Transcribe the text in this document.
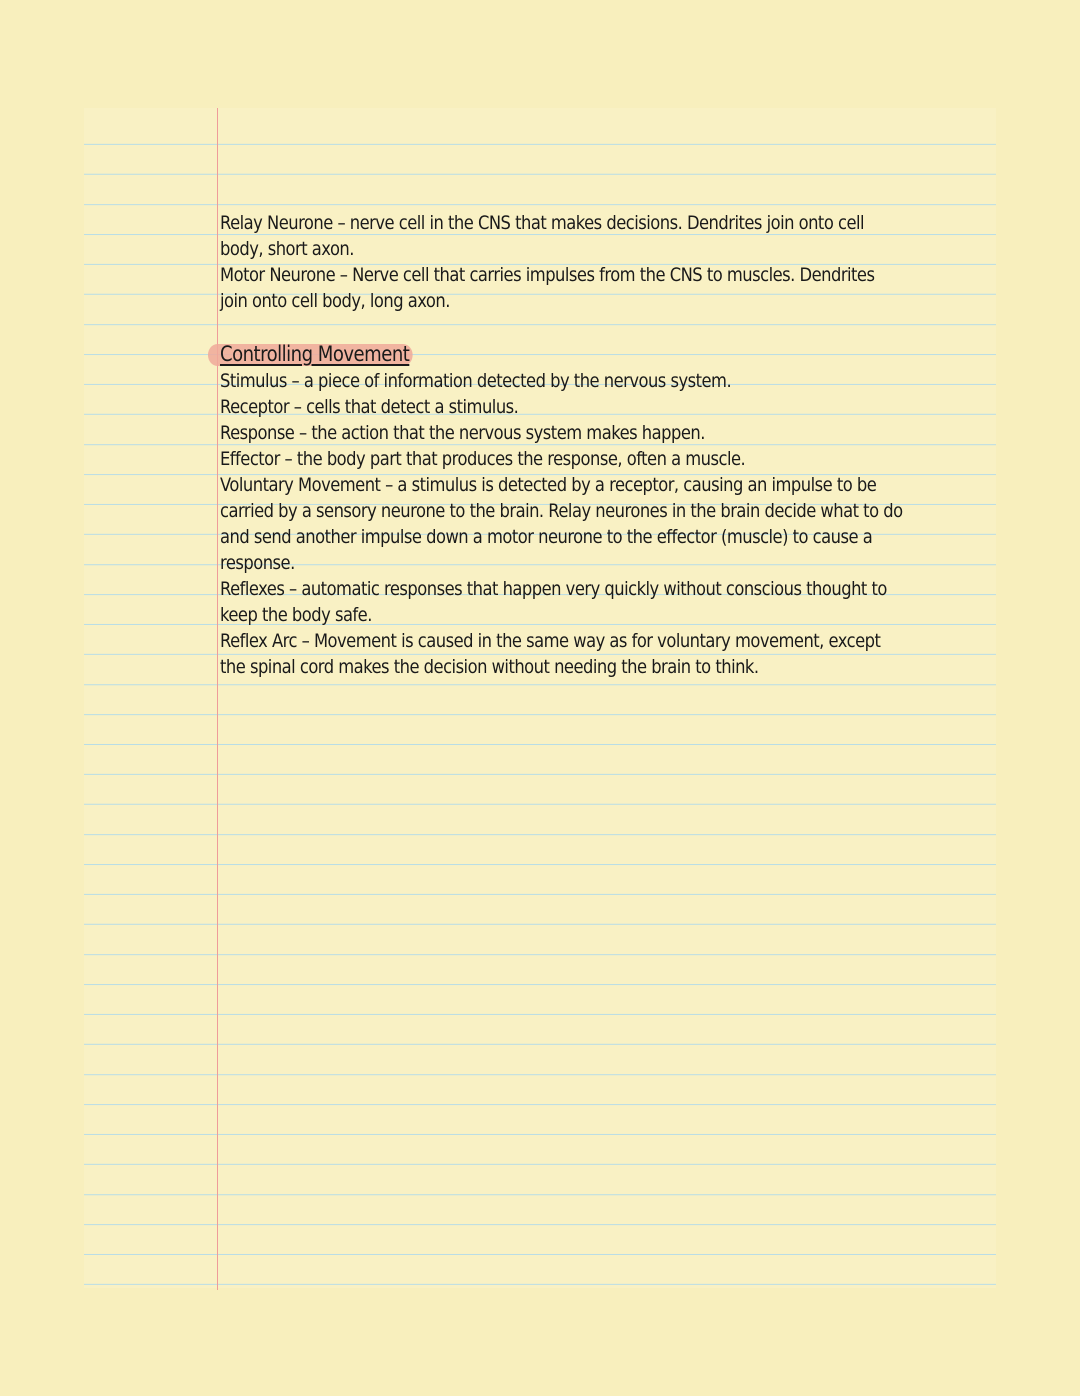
Relay Neurone – nerve cell in the CNS that makes decisions. Dendrites join onto cell
body, short axon.
Motor Neurone – Nerve cell that carries impulses from the CNS to muscles. Dendrites
join onto cell body, long axon.
Controlling Movement
Stimulus – a piece of information detected by the nervous system.
Receptor – cells that detect a stimulus.
Response – the action that the nervous system makes happen.
Effector – the body part that produces the response, often a muscle.
Voluntary Movement – a stimulus is detected by a receptor, causing an impulse to be
carried by a sensory neurone to the brain. Relay neurones in the brain decide what to do
and send another impulse down a motor neurone to the effector (muscle) to cause a
response.
Reflexes – automatic responses that happen very quickly without conscious thought to
keep the body safe.
Reflex Arc – Movement is caused in the same way as for voluntary movement, except
the spinal cord makes the decision without needing the brain to think.
